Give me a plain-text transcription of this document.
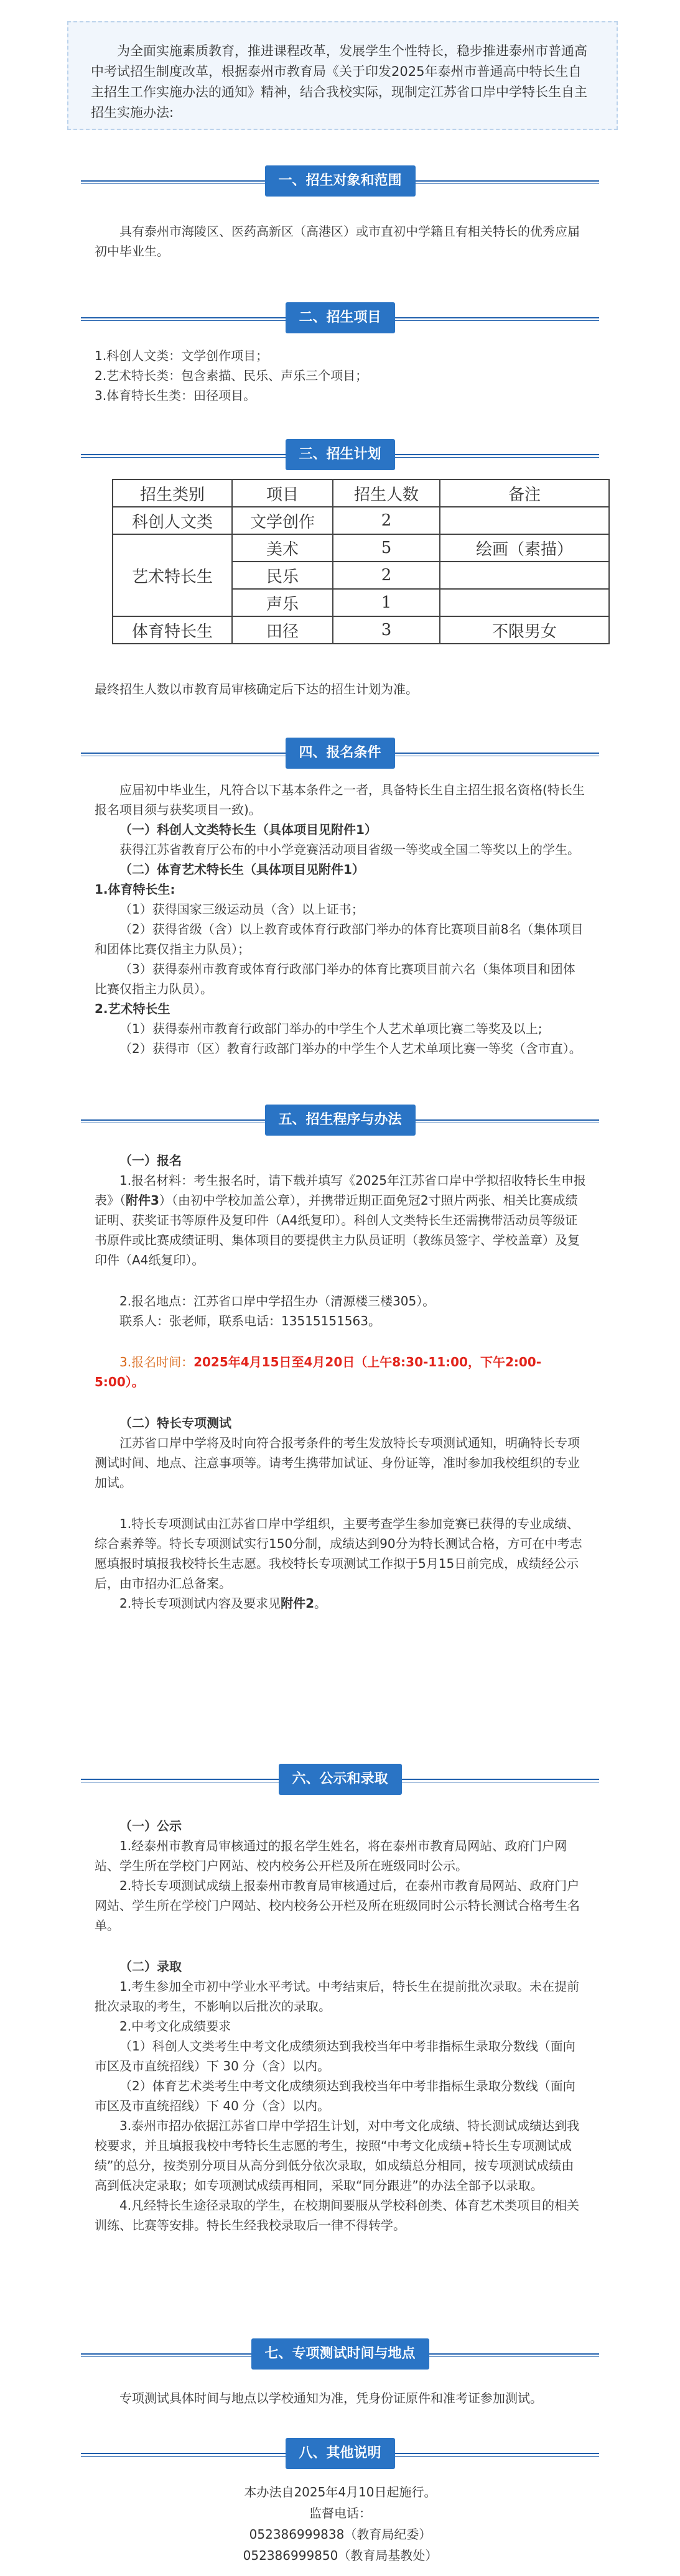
为全面实施素质教育，推进课程改革，发展学生个性特长，稳步推进泰州市普通高中考试招生制度改革，根据泰州市教育局《关于印发2025年泰州市普通高中特长生自主招生工作实施办法的通知》精神，结合我校实际，现制定江苏省口岸中学特长生自主招生实施办法:

一、招生对象和范围

具有泰州市海陵区、医药高新区（高港区）或市直初中学籍且有相关特长的优秀应届初中毕业生。

二、招生项目

1.科创人文类：文学创作项目；

2.艺术特长类：包含素描、民乐、声乐三个项目；

3.体育特长生类：田径项目。

三、招生计划
招生类别	项目	招生人数	备注
科创人文类	文学创作	2	
艺术特长生	美术	5	绘画（素描）
	民乐	2	
	声乐	1	
体育特长生	田径	3	不限男女

最终招生人数以市教育局审核确定后下达的招生计划为准。

四、报名条件

应届初中毕业生，凡符合以下基本条件之一者，具备特长生自主招生报名资格(特长生报名项目须与获奖项目一致)。

（一）科创人文类特长生（具体项目见附件1）

获得江苏省教育厅公布的中小学竞赛活动项目省级一等奖或全国二等奖以上的学生。

（二）体育艺术特长生（具体项目见附件1）

1.体育特长生:

（1）获得国家三级运动员（含）以上证书；

（2）获得省级（含）以上教育或体育行政部门举办的体育比赛项目前8名（集体项目和团体比赛仅指主力队员）；

（3）获得泰州市教育或体育行政部门举办的体育比赛项目前六名（集体项目和团体比赛仅指主力队员）。

2.艺术特长生

（1）获得泰州市教育行政部门举办的中学生个人艺术单项比赛二等奖及以上;

（2）获得市（区）教育行政部门举办的中学生个人艺术单项比赛一等奖（含市直）。

五、招生程序与办法

（一）报名

1.报名材料：考生报名时，请下载并填写《2025年江苏省口岸中学拟招收特长生申报表》（附件3）（由初中学校加盖公章），并携带近期正面免冠2寸照片两张、相关比赛成绩证明、获奖证书等原件及复印件（A4纸复印）。科创人文类特长生还需携带活动员等级证书原件或比赛成绩证明、集体项目的要提供主力队员证明（教练员签字、学校盖章）及复印件（A4纸复印）。

2.报名地点：江苏省口岸中学招生办（清源楼三楼305）。

联系人：张老师，联系电话：13515151563。

3.报名时间：2025年4月15日至4月20日（上午8:30-11:00，下午2:00-5:00）。

（二）特长专项测试

江苏省口岸中学将及时向符合报考条件的考生发放特长专项测试通知，明确特长专项测试时间、地点、注意事项等。请考生携带加试证、身份证等，准时参加我校组织的专业加试。

1.特长专项测试由江苏省口岸中学组织，主要考查学生参加竞赛已获得的专业成绩、综合素养等。特长专项测试实行150分制，成绩达到90分为特长测试合格，方可在中考志愿填报时填报我校特长生志愿。我校特长专项测试工作拟于5月15日前完成，成绩经公示后，由市招办汇总备案。

2.特长专项测试内容及要求见附件2。

六、公示和录取

（一）公示

1.经泰州市教育局审核通过的报名学生姓名，将在泰州市教育局网站、政府门户网站、学生所在学校门户网站、校内校务公开栏及所在班级同时公示。

2.特长专项测试成绩上报泰州市教育局审核通过后，在泰州市教育局网站、政府门户网站、学生所在学校门户网站、校内校务公开栏及所在班级同时公示特长测试合格考生名单。

（二）录取

1.考生参加全市初中学业水平考试。中考结束后，特长生在提前批次录取。未在提前批次录取的考生，不影响以后批次的录取。

2.中考文化成绩要求

（1）科创人文类考生中考文化成绩须达到我校当年中考非指标生录取分数线（面向市区及市直统招线）下 30 分（含）以内。

（2）体育艺术类考生中考文化成绩须达到我校当年中考非指标生录取分数线（面向市区及市直统招线）下 40 分（含）以内。

3.泰州市招办依据江苏省口岸中学招生计划，对中考文化成绩、特长测试成绩达到我校要求，并且填报我校中考特长生志愿的考生，按照“中考文化成绩+特长生专项测试成绩”的总分，按类别分项目从高分到低分依次录取，如成绩总分相同，按专项测试成绩由高到低决定录取；如专项测试成绩再相同，采取“同分跟进”的办法全部予以录取。

4.凡经特长生途径录取的学生，在校期间要服从学校科创类、体育艺术类项目的相关训练、比赛等安排。特长生经我校录取后一律不得转学。

七、专项测试时间与地点

专项测试具体时间与地点以学校通知为准，凭身份证原件和准考证参加测试。

八、其他说明

本办法自2025年4月10日起施行。

监督电话：

052386999838（教育局纪委）

052386999850（教育局基教处）
